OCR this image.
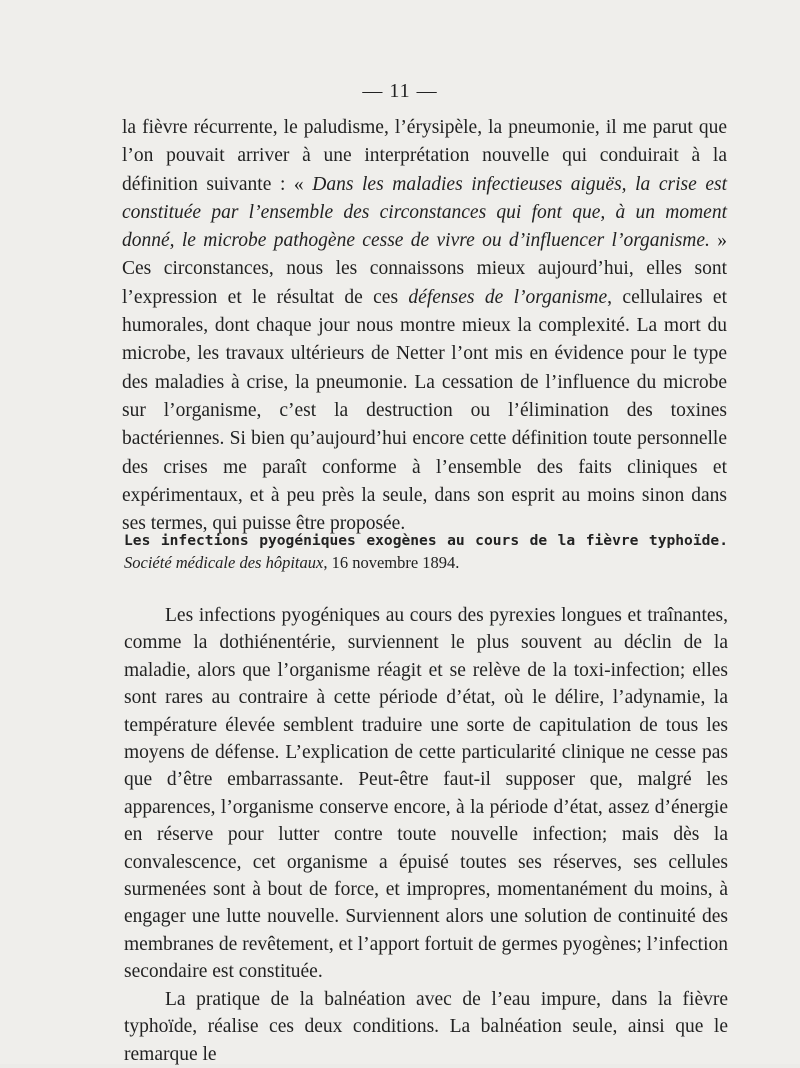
— 11 —
la fièvre récurrente, le paludisme, l’érysipèle, la pneumonie, il me parut que l’on pouvait arriver à une interprétation nouvelle qui conduirait à la définition suivante : « Dans les maladies infectieuses aiguës, la crise est constituée par l’ensemble des circonstances qui font que, à un moment donné, le microbe pathogène cesse de vivre ou d’influencer l’organisme. » Ces circonstances, nous les connaissons mieux aujourd’hui, elles sont l’expression et le résultat de ces défenses de l’organisme, cellulaires et humorales, dont chaque jour nous montre mieux la complexité. La mort du microbe, les travaux ultérieurs de Netter l’ont mis en évidence pour le type des maladies à crise, la pneumonie. La cessation de l’influence du microbe sur l’organisme, c’est la destruction ou l’élimination des toxines bactériennes. Si bien qu’aujourd’hui encore cette définition toute personnelle des crises me paraît conforme à l’ensemble des faits cliniques et expérimentaux, et à peu près la seule, dans son esprit au moins sinon dans ses termes, qui puisse être proposée.
Les infections pyogéniques exogènes au cours de la fièvre typhoïde. Société médicale des hôpitaux, 16 novembre 1894.

Les infections pyogéniques au cours des pyrexies longues et traînantes, comme la dothiénentérie, surviennent le plus souvent au déclin de la maladie, alors que l’organisme réagit et se relève de la toxi-infection; elles sont rares au contraire à cette période d’état, où le délire, l’adynamie, la température élevée semblent traduire une sorte de capitulation de tous les moyens de défense. L’explication de cette particularité clinique ne cesse pas que d’être embarrassante. Peut-être faut-il supposer que, malgré les apparences, l’organisme conserve encore, à la période d’état, assez d’énergie en réserve pour lutter contre toute nouvelle infection; mais dès la convalescence, cet organisme a épuisé toutes ses réserves, ses cellules surmenées sont à bout de force, et impropres, momentanément du moins, à engager une lutte nouvelle. Surviennent alors une solution de continuité des membranes de revêtement, et l’apport fortuit de germes pyogènes; l’infection secondaire est constituée.

La pratique de la balnéation avec de l’eau impure, dans la fièvre typhoïde, réalise ces deux conditions. La balnéation seule, ainsi que le remarque le
